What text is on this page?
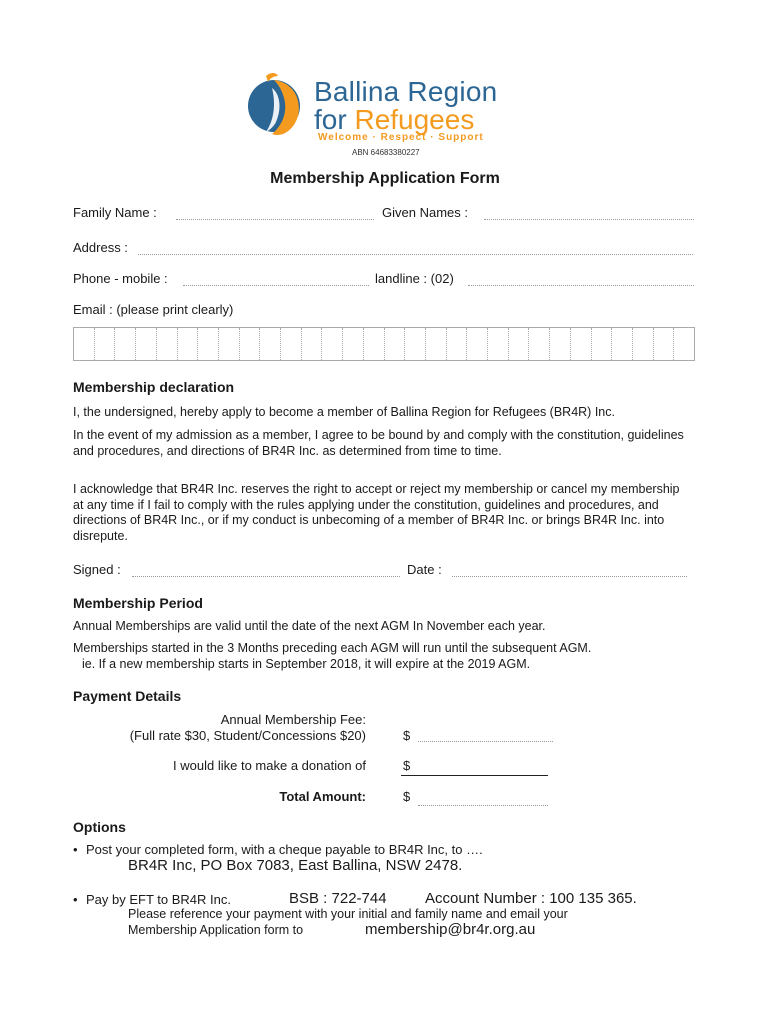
Ballina Region
for Refugees
Welcome · Respect · Support
ABN 64683380227
Membership Application Form
Family Name :	Given Names :
Address :
Phone - mobile :	landline : (02)
Email : (please print clearly)
Membership declaration
I, the undersigned, hereby apply to become a member of Ballina Region for Refugees (BR4R) Inc.
In the event of my admission as a member, I agree to be bound by and comply with the constitution, guidelines and procedures, and directions of BR4R Inc. as determined from time to time.
I acknowledge that BR4R Inc. reserves the right to accept or reject my membership or cancel my membership at any time if I fail to comply with the rules applying under the constitution, guidelines and procedures, and directions of BR4R Inc., or if my conduct is unbecoming of a member of BR4R Inc. or brings BR4R Inc. into disrepute.
Signed :	Date :
Membership Period
Annual Memberships are valid until the date of the next AGM In November each year.
Memberships started in the 3 Months preceding each AGM will run until the subsequent AGM.
ie. If a new membership starts in September 2018, it will expire at the 2019 AGM.
Payment Details
Annual Membership Fee:
(Full rate $30, Student/Concessions $20)	$
I would like to make a donation of	$
Total Amount:	$
Options
• Post your completed form, with a cheque payable to BR4R Inc, to ….
BR4R Inc, PO Box 7083, East Ballina, NSW 2478.
• Pay by EFT to BR4R Inc.	BSB : 722-744	Account Number : 100 135 365.
Please reference your payment with your initial and family name and email your
Membership Application form to	membership@br4r.org.au
